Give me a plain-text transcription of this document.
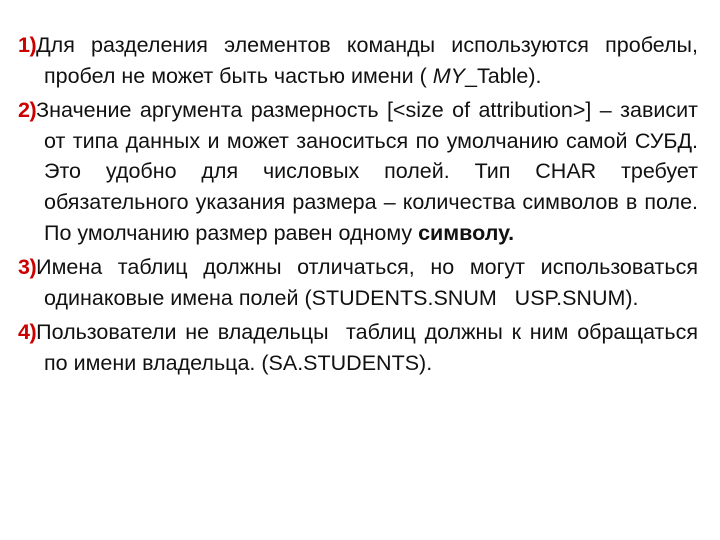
1)Для разделения элементов команды используются пробелы, пробел не может быть частью имени ( MY_Table).

2)Значение аргумента размерность [<size of attribution>] – зависит от типа данных и может заноситься по умолчанию самой СУБД. Это удобно для числовых полей. Тип CHAR требует обязательного указания размера – количества символов в поле. По умолчанию размер равен одному символу.

3)Имена таблиц должны отличаться, но могут использоваться одинаковые имена полей (STUDENTS.SNUM   USP.SNUM).

4)Пользователи не владельцы  таблиц должны к ним обращаться по имени владельца. (SA.STUDENTS).
